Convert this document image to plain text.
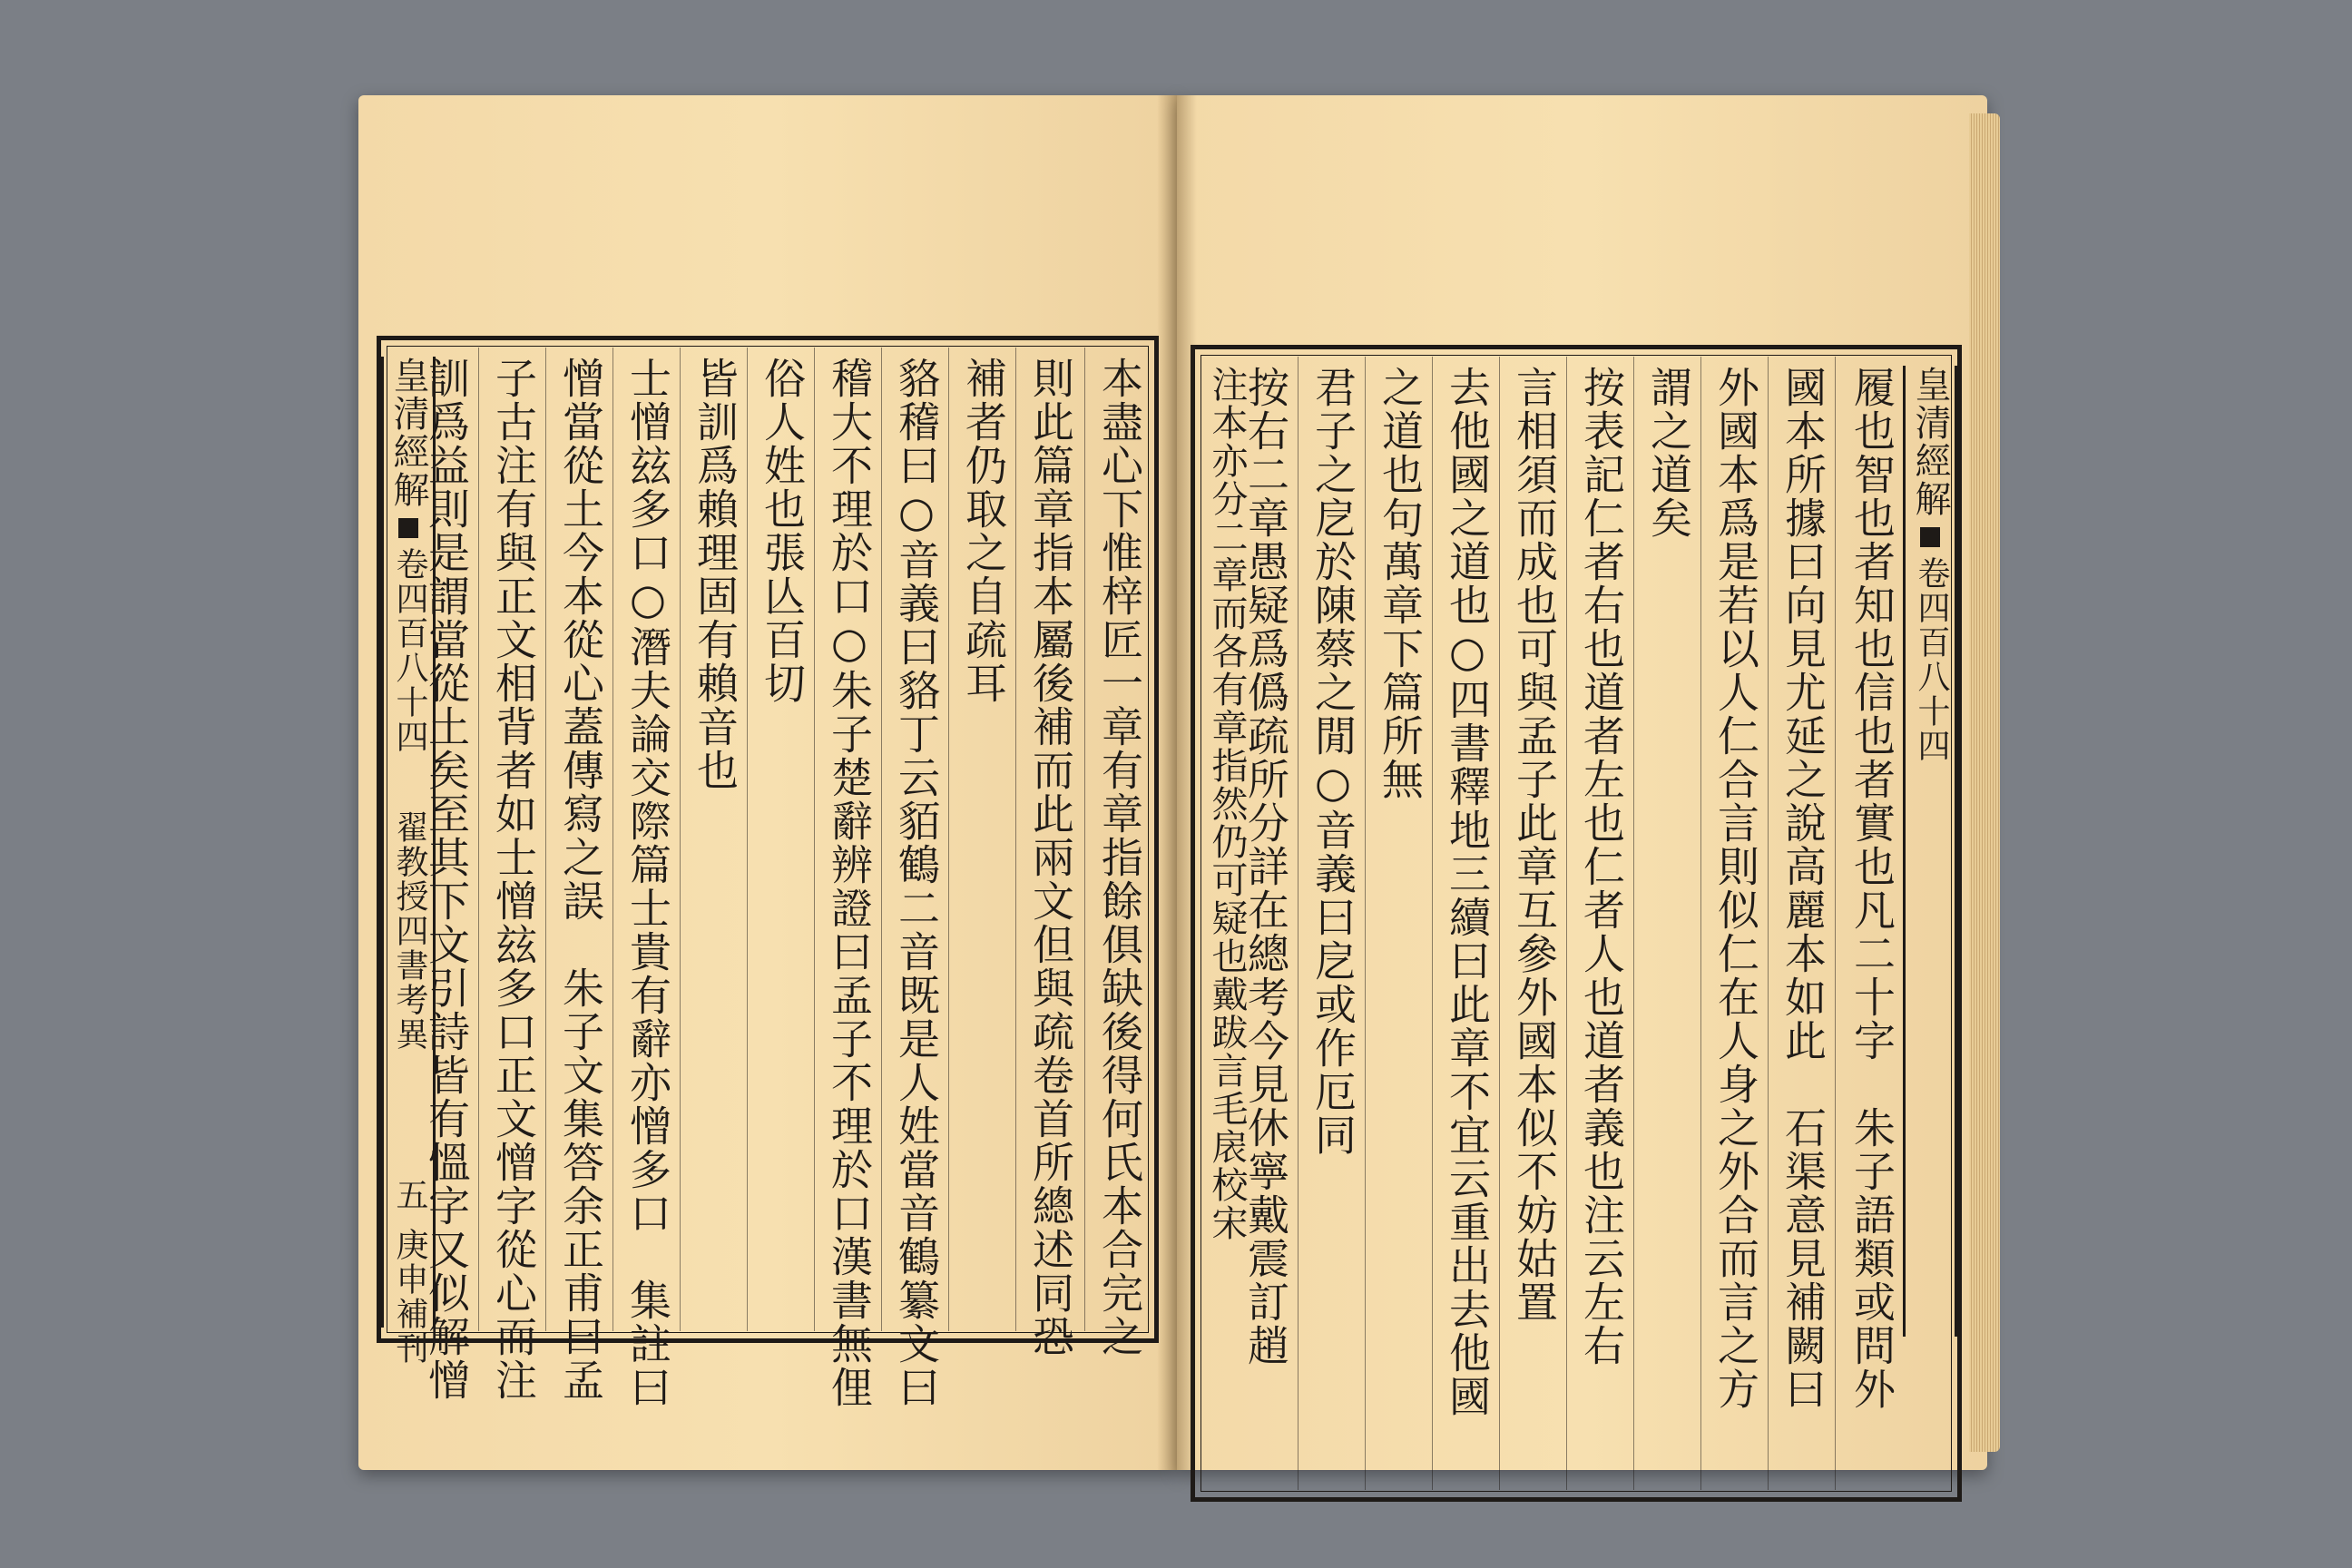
本盡心下惟梓匠一章有章指餘俱缺後得何氏本合完之
則此篇章指本屬後補而此兩文但與疏卷首所總述同恐
補者仍取之自疏耳
貉稽曰○音義曰貉丁云貊鶴二音既是人姓當音鶴纂文曰
稽大不理於口○朱子楚辭辨證曰孟子不理於口漢書無俚
俗人姓也張亾百切
皆訓爲賴理固有賴音也
士憎玆多口○潛夫論交際篇士貴有辭亦憎多口　集註曰
憎當從土今本從心蓋傳寫之誤　朱子文集答余正甫曰孟
子古注有與正文相背者如士憎玆多口正文憎字從心而注
訓爲益則是謂當從土矣至其下文引詩皆有慍字又似解憎
皇清經解
卷四百八十四
翟教授四書考異
五
庚申補刊
皇清經解
卷四百八十四
履也智也者知也信也者實也凡二十字　朱子語類或問外
國本所據曰向見尤延之說高麗本如此　石渠意見補闕曰
外國本爲是若以人仁合言則似仁在人身之外合而言之方
謂之道矣
按表記仁者右也道者左也仁者人也道者義也注云左右
言相須而成也可與孟子此章互參外國本似不妨姑置
去他國之道也○四書釋地三續曰此章不宜云重出去他國
之道也句萬章下篇所無
君子之戹於陳蔡之閒○音義曰戹或作厄同
按右二章愚疑爲僞疏所分詳在總考今見休寧戴震訂趙
注本亦分二章而各有章指然仍可疑也戴跋言毛扆校宋
